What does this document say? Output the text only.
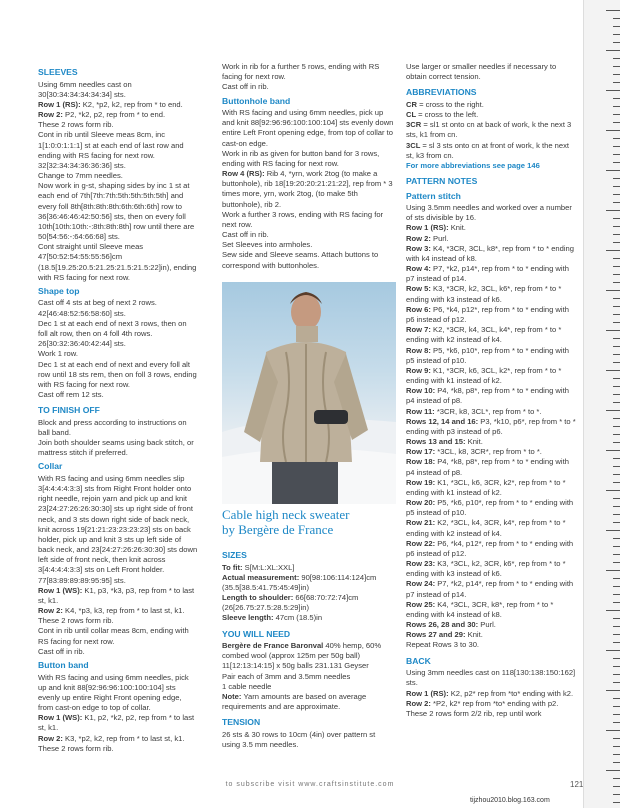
SLEEVES
Using 6mm needles cast on 30[30:34:34:34:34:34] sts.
Row 1 (RS): K2, *p2, k2, rep from * to end.
Row 2: P2, *k2, p2, rep from * to end.
These 2 rows form rib.
Cont in rib until Sleeve meas 8cm, inc 1[1:0:0:1:1:1] st at each end of last row and ending with RS facing for next row. 32[32:34:34:36:36:36] sts.
Change to 7mm needles.
Now work in g-st, shaping sides by inc 1 st at each end of 7th[7th:7th:5th:5th:5th:5th] and every foll 8th[8th:8th:8th:6th:6th:6th] row to 36[36:46:46:42:50:56] sts, then on every foll 10th[10th:10th:-:8th:8th:8th] row until there are 50[54:56:-:64:66:68] sts.
Cont straight until Sleeve meas 47[50:52:54:55:55:56]cm (18.5[19.25:20.5:21.25:21.5:21.5:22]in), ending with RS facing for next row.
Shape top
Cast off 4 sts at beg of next 2 rows. 42[46:48:52:56:58:60] sts.
Dec 1 st at each end of next 3 rows, then on foll alt row, then on 4 foll 4th rows. 26[30:32:36:40:42:44] sts.
Work 1 row.
Dec 1 st at each end of next and every foll alt row until 18 sts rem, then on foll 3 rows, ending with RS facing for next row.
Cast off rem 12 sts.
TO FINISH OFF
Block and press according to instructions on ball band.
Join both shoulder seams using back stitch, or mattress stitch if preferred.
Collar
With RS facing and using 6mm needles slip 3[4:4:4:4:3:3] sts from Right Front holder onto right needle, rejoin yarn and pick up and knit 23[24:27:26:26:30:30] sts up right side of front neck, and 3 sts down right side of back neck, knit across 19[21:21:23:23:23:23] sts on back holder, pick up and knit 3 sts up left side of back neck, and 23[24:27:26:26:30:30] sts down left side of front neck, then knit across 3[4:4:4:4:3:3] sts on Left Front holder. 77[83:89:89:89:95:95] sts.
Row 1 (WS): K1, p3, *k3, p3, rep from * to last st, k1.
Row 2: K4, *p3, k3, rep from * to last st, k1.
These 2 rows form rib.
Cont in rib until collar meas 8cm, ending with RS facing for next row.
Cast off in rib.
Button band
With RS facing and using 6mm needles, pick up and knit 88[92:96:96:100:100:104] sts evenly up entire Right Front opening edge, from cast-on edge to top of collar.
Row 1 (WS): K1, p2, *k2, p2, rep from * to last st, k1.
Row 2: K3, *p2, k2, rep from * to last st, k1.
These 2 rows form rib.
Work in rib for a further 5 rows, ending with RS facing for next row.
Cast off in rib.
Buttonhole band
With RS facing and using 6mm needles, pick up and knit 88[92:96:96:100:100:104] sts evenly down entire Left Front opening edge, from top of collar to cast-on edge.
Work in rib as given for button band for 3 rows, ending with RS facing for next row.
Row 4 (RS): Rib 4, *yrn, work 2tog (to make a buttonhole), rib 18[19:20:20:21:21:22], rep from * 3 times more, yrn, work 2tog, (to make 5th buttonhole), rib 2.
Work a further 3 rows, ending with RS facing for next row.
Cast off in rib.
Set Sleeves into armholes.
Sew side and Sleeve seams. Attach buttons to correspond with buttonholes.
Cable high neck sweater
by Bergère de France
SIZES
To fit: S[M:L:XL:XXL]
Actual measurement: 90[98:106:114:124]cm (35.5[38.5:41.75:45:49]in)
Length to shoulder: 66[68:70:72:74]cm (26[26.75:27.5:28.5:29]in)
Sleeve length: 47cm (18.5)in
YOU WILL NEED
Bergère de France Baronval 40% hemp, 60% combed wool (approx 125m per 50g ball) 11[12:13:14:15] x 50g balls 231.131 Geyser
Pair each of 3mm and 3.5mm needles
1 cable needle
Note: Yarn amounts are based on average requirements and are approximate.
TENSION
26 sts & 30 rows to 10cm (4in) over pattern st using 3.5 mm needles.
Use larger or smaller needles if necessary to obtain correct tension.
ABBREVIATIONS
CR = cross to the right.
CL = cross to the left.
3CR = sl1 st onto cn at back of work, k the next 3 sts, k1 from cn.
3CL = sl 3 sts onto cn at front of work, k the next st, k3 from cn.
For more abbreviations see page 146
PATTERN NOTES
Pattern stitch
Using 3.5mm needles and worked over a number of sts divisible by 16.
Row 1 (RS): Knit.
Row 2: Purl.
Row 3: K4, *3CR, 3CL, k8*, rep from * to * ending with k4 instead of k8.
Row 4: P7, *k2, p14*, rep from * to * ending with p7 instead of p14.
Row 5: K3, *3CR, k2, 3CL, k6*, rep from * to * ending with k3 instead of k6.
Row 6: P6, *k4, p12*, rep from * to * ending with p6 instead of p12.
Row 7: K2, *3CR, k4, 3CL, k4*, rep from * to * ending with k2 instead of k4.
Row 8: P5, *k6, p10*, rep from * to * ending with p5 instead of p10.
Row 9: K1, *3CR, k6, 3CL, k2*, rep from * to * ending with k1 instead of k2.
Row 10: P4, *k8, p8*, rep from * to * ending with p4 instead of p8.
Row 11: *3CR, k8, 3CL*, rep from * to *.
Rows 12, 14 and 16: P3, *k10, p6*, rep from * to * ending with p3 instead of p6.
Rows 13 and 15: Knit.
Row 17: *3CL, k8, 3CR*, rep from * to *.
Row 18: P4, *k8, p8*, rep from * to * ending with p4 instead of p8.
Row 19: K1, *3CL, k6, 3CR, k2*, rep from * to * ending with k1 instead of k2.
Row 20: P5, *k6, p10*, rep from * to * ending with p5 instead of p10.
Row 21: K2, *3CL, k4, 3CR, k4*, rep from * to * ending with k2 instead of k4.
Row 22: P6, *k4, p12*, rep from * to * ending with p6 instead of p12.
Row 23: K3, *3CL, k2, 3CR, k6*, rep from * to * ending with k3 instead of k6.
Row 24: P7, *k2, p14*, rep from * to * ending with p7 instead of p14.
Row 25: K4, *3CL, 3CR, k8*, rep from * to * ending with k4 instead of k8.
Rows 26, 28 and 30: Purl.
Rows 27 and 29: Knit.
Repeat Rows 3 to 30.
BACK
Using 3mm needles cast on 118[130:138:150:162] sts.
Row 1 (RS): K2, p2* rep from *to* ending with k2.
Row 2: *P2, k2* rep from *to* ending with p2.
These 2 rows form 2/2 rib, rep until work
to subscribe visit www.craftsinstitute.com	121
tijzhou2010.blog.163.com
